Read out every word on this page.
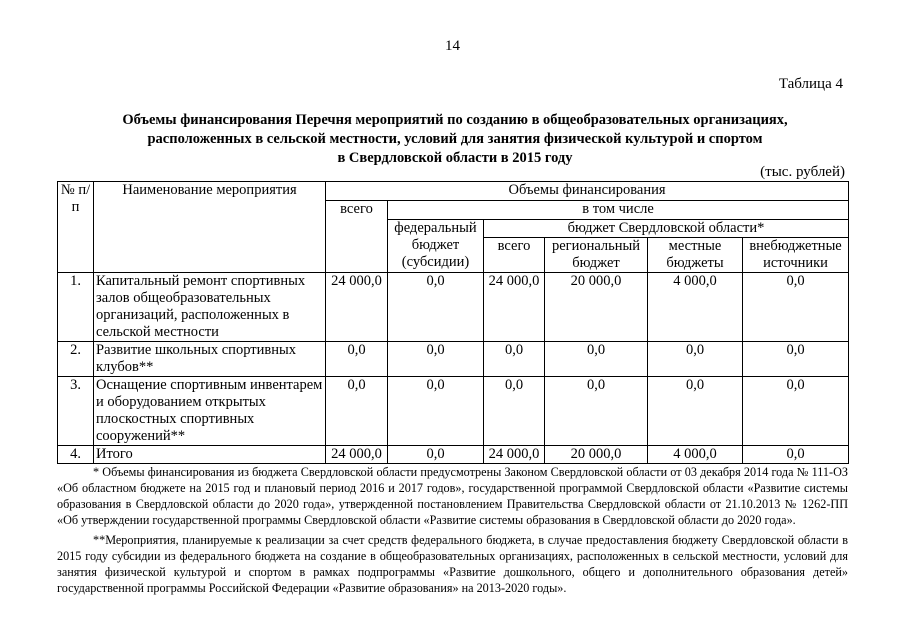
14
Таблица 4
Объемы финансирования Перечня мероприятий по созданию в общеобразовательных организациях,
расположенных в сельской местности, условий для занятия физической культурой и спортом
в Свердловской области в 2015 году
(тыс. рублей)
№ п/п	Наименование мероприятия	Объемы финансирования					
		всего	в том числе				
			федеральный бюджет (субсидии)	бюджет Свердловской области*			
				всего	региональный бюджет	местные бюджеты	внебюджетные источники
1.	Капитальный ремонт спортивных залов общеобразовательных организаций, расположенных в сельской местности	24 000,0	0,0	24 000,0	20 000,0	4 000,0	0,0
2.	Развитие школьных спортивных клубов**	0,0	0,0	0,0	0,0	0,0	0,0
3.	Оснащение спортивным инвентарем и оборудованием открытых плоскостных спортивных сооружений**	0,0	0,0	0,0	0,0	0,0	0,0
4.	Итого	24 000,0	0,0	24 000,0	20 000,0	4 000,0	0,0

* Объемы финансирования из бюджета Свердловской области предусмотрены Законом Свердловской области от 03 декабря 2014 года № 111-ОЗ «Об областном бюджете на 2015 год и плановый период 2016 и 2017 годов», государственной программой Свердловской области «Развитие системы образования в Свердловской области до 2020 года», утвержденной постановлением Правительства Свердловской области от 21.10.2013 № 1262-ПП «Об утверждении государственной программы Свердловской области «Развитие системы образования в Свердловской области до 2020 года».

**Мероприятия, планируемые к реализации за счет средств федерального бюджета, в случае предоставления бюджету Свердловской области в 2015 году субсидии из федерального бюджета на создание в общеобразовательных организациях, расположенных в сельской местности, условий для занятия физической культурой и спортом в рамках подпрограммы «Развитие дошкольного, общего и дополнительного образования детей» государственной программы Российской Федерации «Развитие образования» на 2013-2020 годы».
